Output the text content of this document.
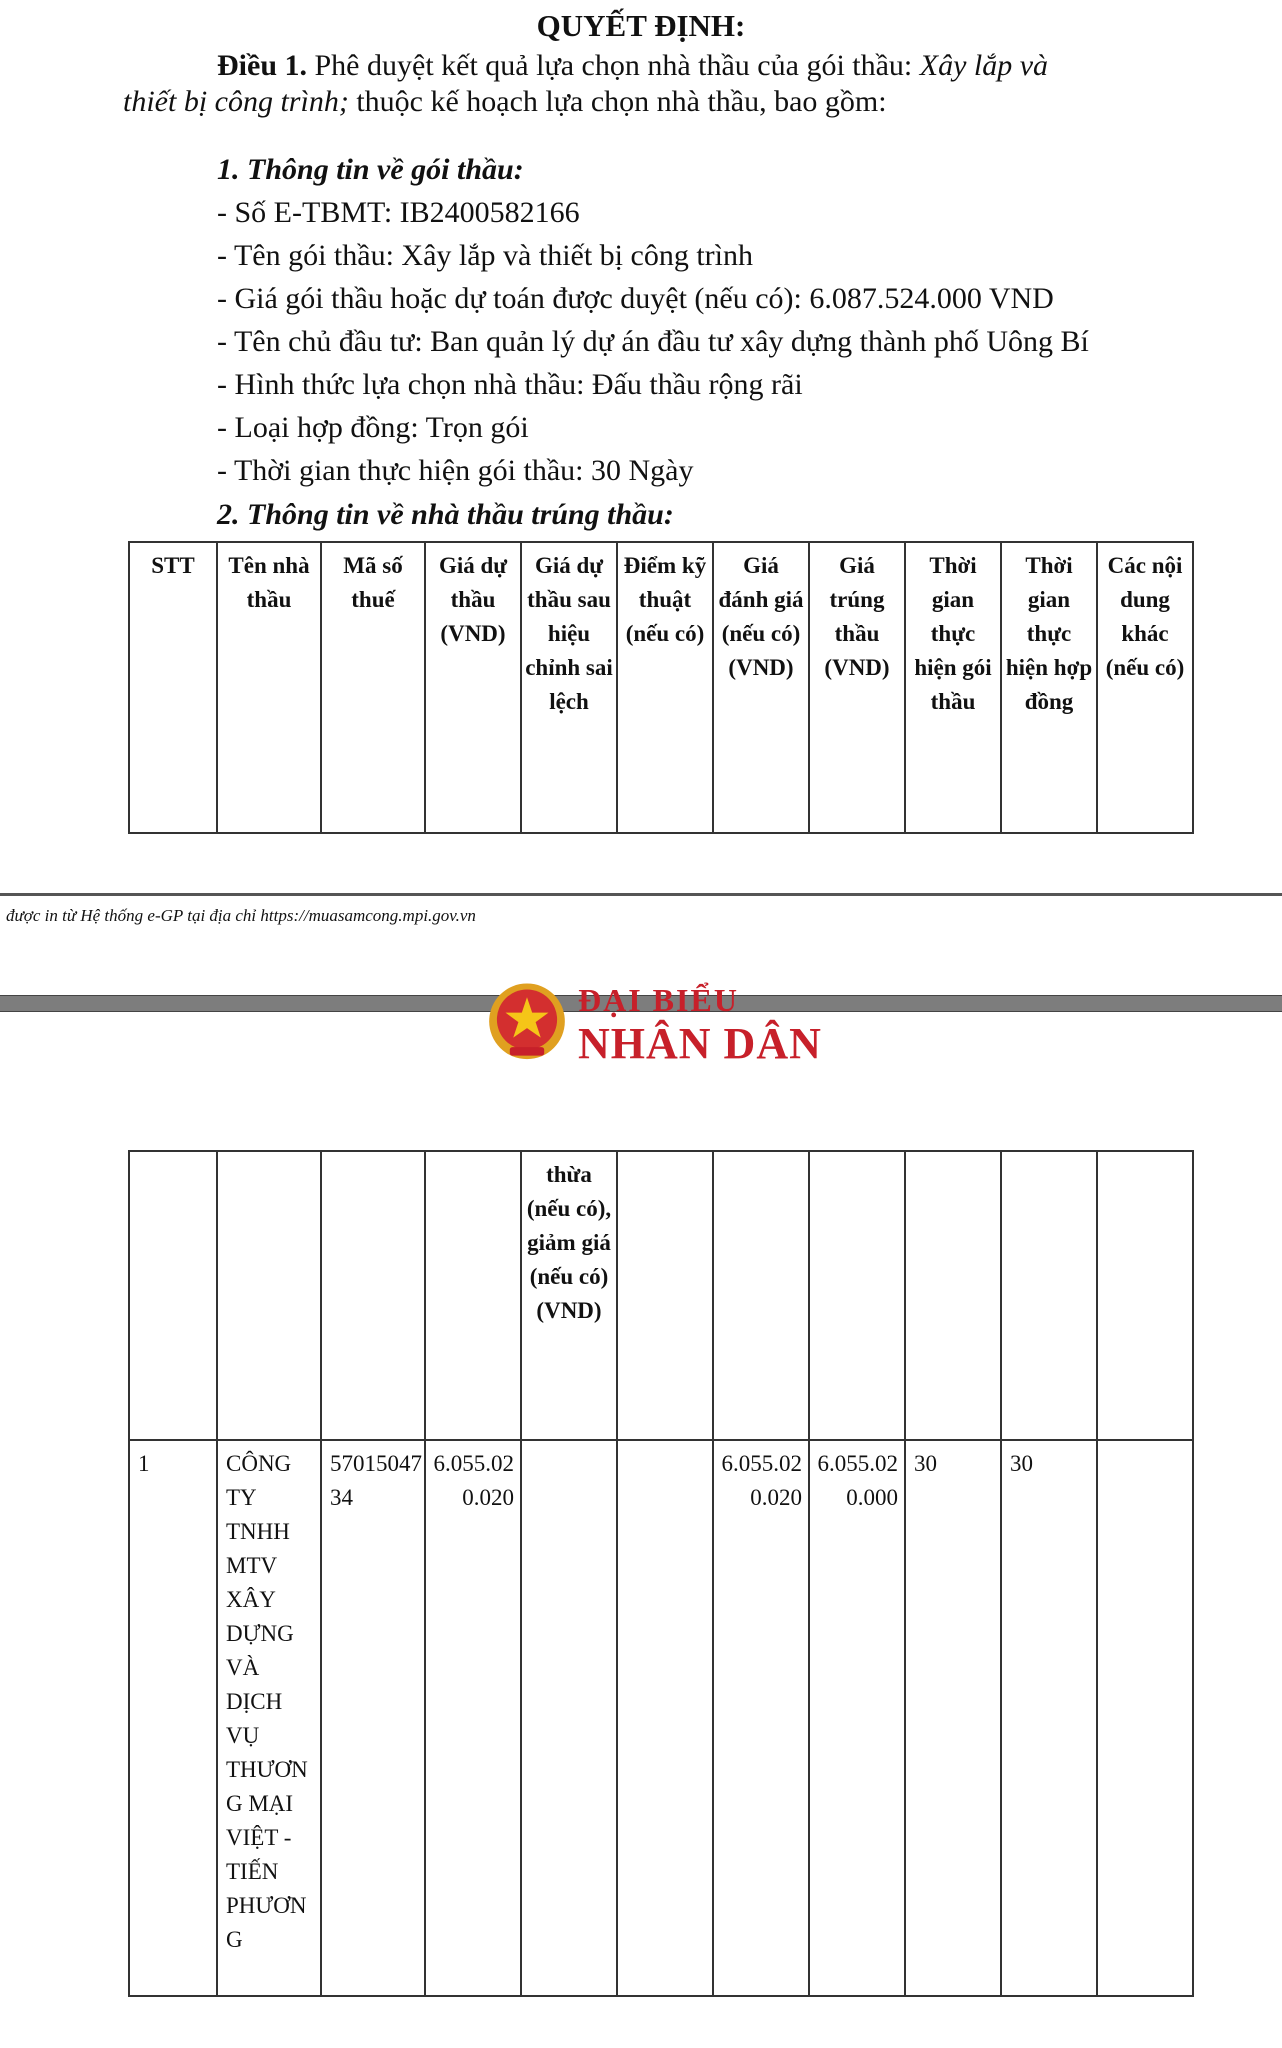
QUYẾT ĐỊNH:
Điều 1. Phê duyệt kết quả lựa chọn nhà thầu của gói thầu: Xây lắp và
thiết bị công trình; thuộc kế hoạch lựa chọn nhà thầu, bao gồm:
1. Thông tin về gói thầu:
- Số E-TBMT: IB2400582166
- Tên gói thầu: Xây lắp và thiết bị công trình
- Giá gói thầu hoặc dự toán được duyệt (nếu có): 6.087.524.000 VND
- Tên chủ đầu tư: Ban quản lý dự án đầu tư xây dựng thành phố Uông Bí
- Hình thức lựa chọn nhà thầu: Đấu thầu rộng rãi
- Loại hợp đồng: Trọn gói
- Thời gian thực hiện gói thầu: 30 Ngày
2. Thông tin về nhà thầu trúng thầu:
STT	Tên nhà thầu	Mã số thuế	Giá dự thầu (VND)	Giá dự thầu sau hiệu chỉnh sai lệch	Điểm kỹ thuật (nếu có)	Giá đánh giá (nếu có) (VND)	Giá trúng thầu (VND)	Thời gian thực hiện gói thầu	Thời gian thực hiện hợp đồng	Các nội dung khác (nếu có)
được in từ Hệ thống e-GP tại địa chỉ https://muasamcong.mpi.gov.vn
ĐẠI BIỂU
NHÂN DÂN
				thừa (nếu có), giảm giá (nếu có) (VND)						
1	CÔNG TY TNHH MTV XÂY DỰNG VÀ DỊCH VỤ THƯƠNG MẠI VIỆT - TIẾN PHƯƠNG	5701504734	6.055.020.020			6.055.020.020	6.055.020.000	30	30	
